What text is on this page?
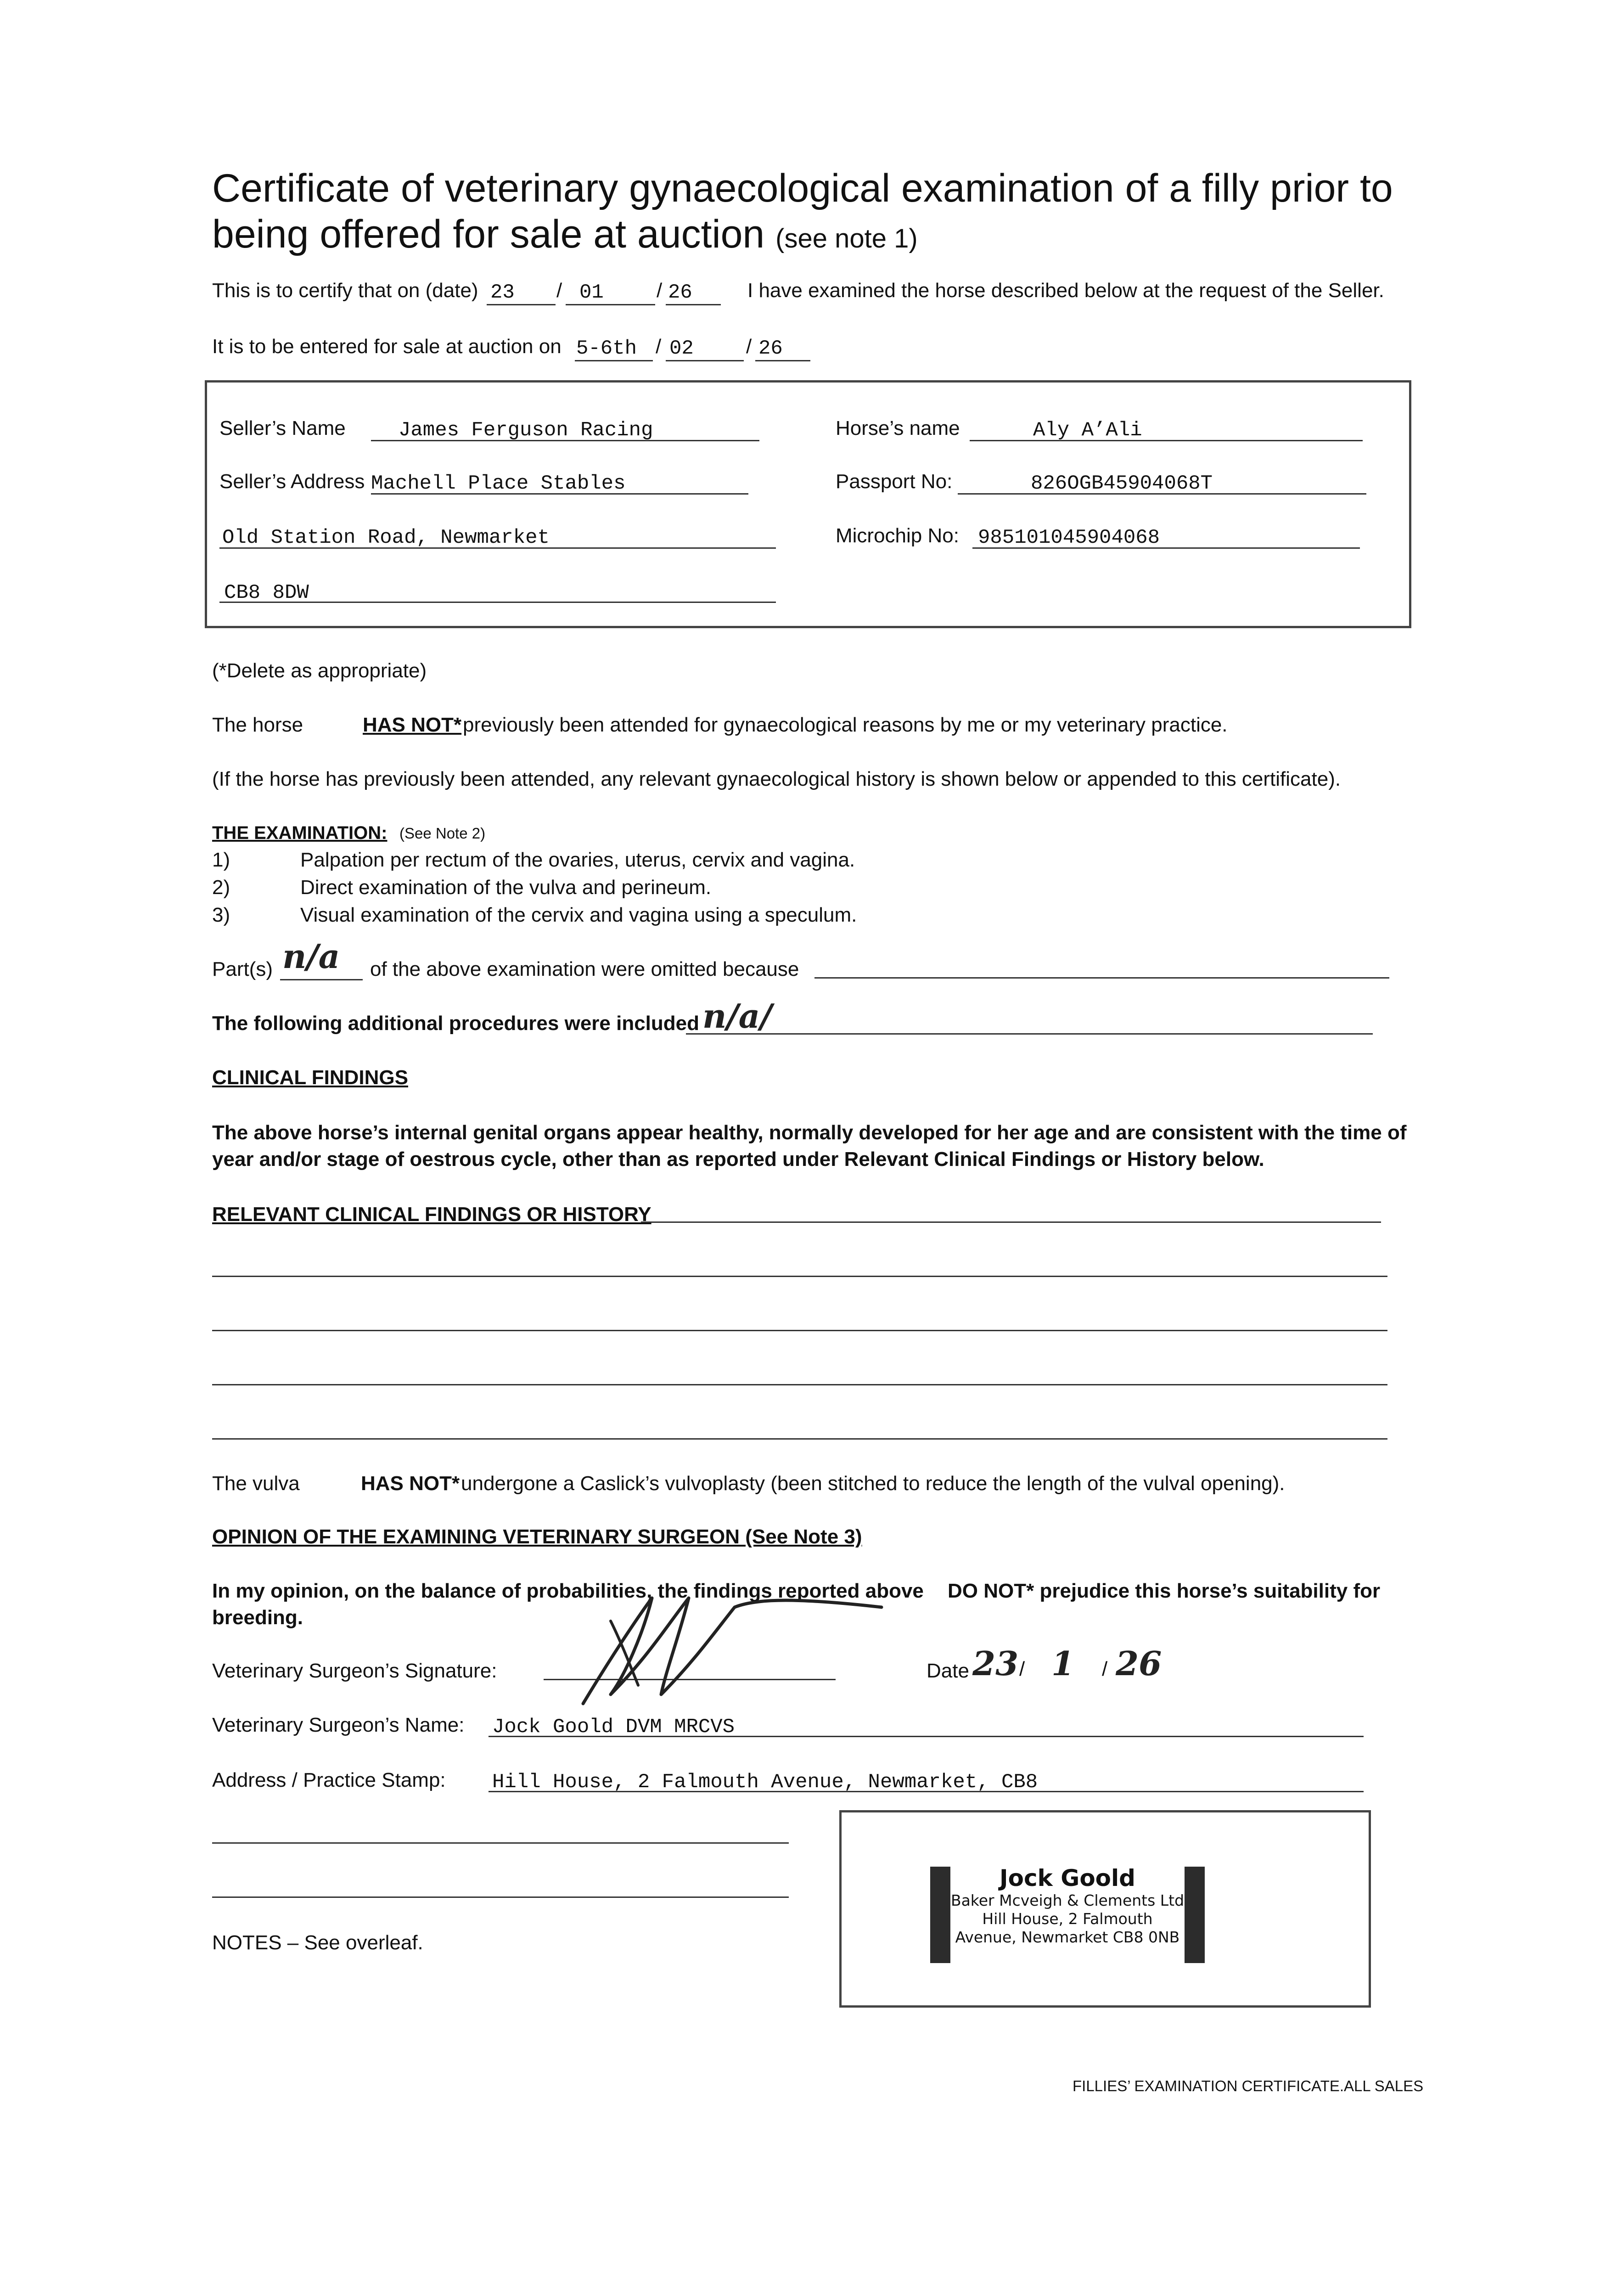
Certificate of veterinary gynaecological examination of a filly prior to being offered for sale at auction (see note 1)
This is to certify that on (date) 23 / 01	/ 26	I have examined the horse described below at the request of the Seller.
It is to be entered for sale at auction on 5-6th / 02	/ 26
Seller’s Name	James Ferguson Racing
Seller’s Address Machell Place Stables
Old Station Road, Newmarket
CB8 8DW
Horse’s name	Aly A’Ali
Passport No:	826OGB45904068T
Microchip No: 985101045904068
(*Delete as appropriate)
The horse	HAS NOT* previously been attended for gynaecological reasons by me or my veterinary practice.
(If the horse has previously been attended, any relevant gynaecological history is shown below or appended to this certificate).
THE EXAMINATION: (See Note 2)
1)	Palpation per rectum of the ovaries, uterus, cervix and vagina.
2)	Direct examination of the vulva and perineum.
3)	Visual examination of the cervix and vagina using a speculum.
Part(s) n/a of the above examination were omitted because
The following additional procedures were included n/a/
CLINICAL FINDINGS
The above horse’s internal genital organs appear healthy, normally developed for her age and are consistent with the time of year and/or stage of oestrous cycle, other than as reported under Relevant Clinical Findings or History below.
RELEVANT CLINICAL FINDINGS OR HISTORY
The vulva	HAS NOT* undergone a Caslick’s vulvoplasty (been stitched to reduce the length of the vulval opening).
OPINION OF THE EXAMINING VETERINARY SURGEON (See Note 3)
In my opinion, on the balance of probabilities, the findings reported above DO NOT* prejudice this horse’s suitability for
breeding.
Veterinary Surgeon’s Signature:	Date 23 / 1 / 26
Veterinary Surgeon’s Name: Jock Goold DVM MRCVS
Address / Practice Stamp: Hill House, 2 Falmouth Avenue, Newmarket, CB8
Jock Goold
Baker Mcveigh & Clements Ltd
Hill House, 2 Falmouth
Avenue, Newmarket CB8 0NB
NOTES – See overleaf.
FILLIES’ EXAMINATION CERTIFICATE.ALL SALES
